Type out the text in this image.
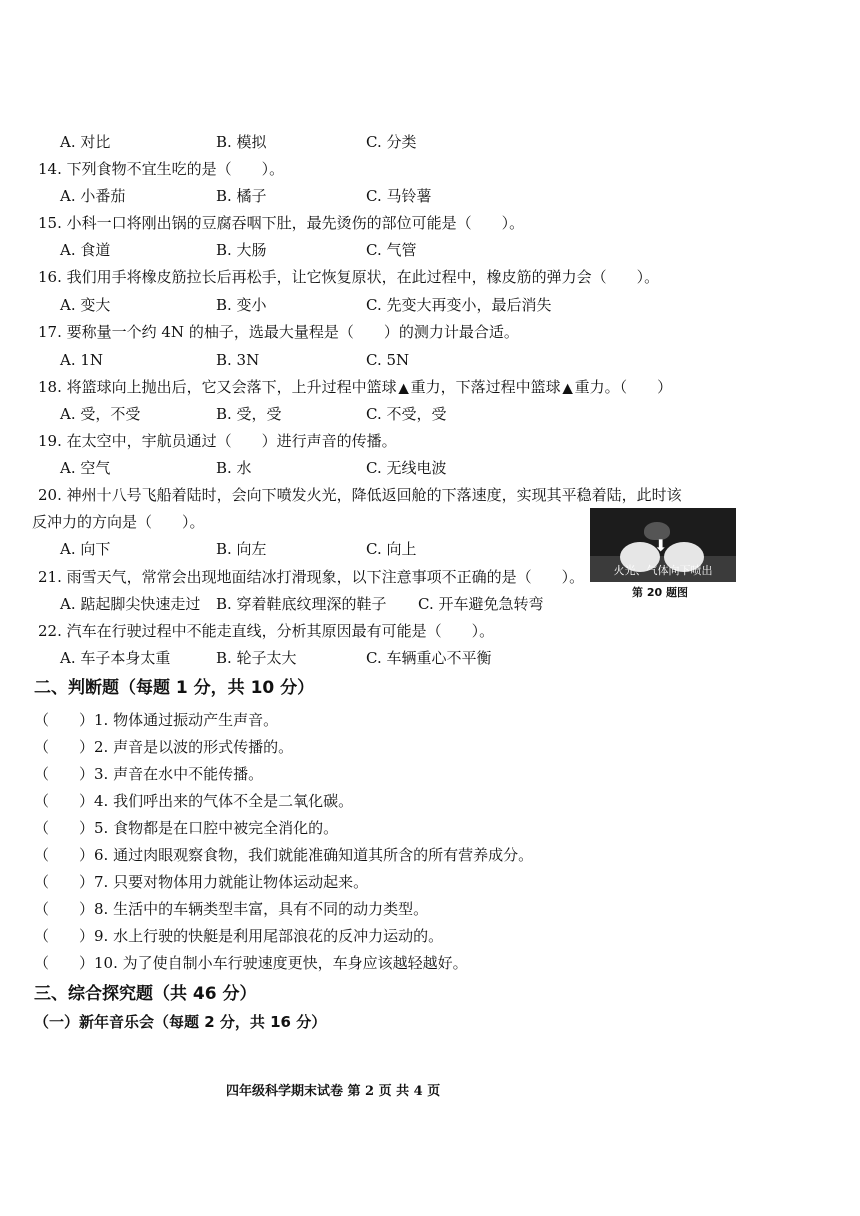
A. 对比	B. 模拟	C. 分类
14. 下列食物不宜生吃的是（　　）。
A. 小番茄	B. 橘子	C. 马铃薯
15. 小科一口将刚出锅的豆腐吞咽下肚，最先烫伤的部位可能是（　　）。
A. 食道	B. 大肠	C. 气管
16. 我们用手将橡皮筋拉长后再松手，让它恢复原状，在此过程中，橡皮筋的弹力会（　　）。
A. 变大	B. 变小	C. 先变大再变小，最后消失
17. 要称量一个约 4N 的柚子，选最大量程是（　　）的测力计最合适。
A. 1N	B. 3N	C. 5N
18. 将篮球向上抛出后，它又会落下，上升过程中篮球 ▲ 重力，下落过程中篮球 ▲ 重力。（　　）
A. 受，不受	B. 受，受	C. 不受，受
19. 在太空中，宇航员通过（　　）进行声音的传播。
A. 空气	B. 水	C. 无线电波
20. 神州十八号飞船着陆时，会向下喷发火光，降低返回舱的下落速度，实现其平稳着陆，此时该
反冲力的方向是（　　）。
A. 向下	B. 向左	C. 向上	⬇
火光、气体向下喷出
第 20 题图
21. 雨雪天气，常常会出现地面结冰打滑现象，以下注意事项不正确的是（　　）。
A. 踮起脚尖快速走过 B. 穿着鞋底纹理深的鞋子 C. 开车避免急转弯
22. 汽车在行驶过程中不能走直线，分析其原因最有可能是（　　）。
A. 车子本身太重	B. 轮子太大	C. 车辆重心不平衡
二、判断题（每题 1 分，共 10 分）
（　　）1. 物体通过振动产生声音。
（　　）2. 声音是以波的形式传播的。
（　　）3. 声音在水中不能传播。
（　　）4. 我们呼出来的气体不全是二氧化碳。
（　　）5. 食物都是在口腔中被完全消化的。
（　　）6. 通过肉眼观察食物，我们就能准确知道其所含的所有营养成分。
（　　）7. 只要对物体用力就能让物体运动起来。
（　　）8. 生活中的车辆类型丰富，具有不同的动力类型。
（　　）9. 水上行驶的快艇是利用尾部浪花的反冲力运动的。
（　　）10. 为了使自制小车行驶速度更快，车身应该越轻越好。
三、综合探究题（共 46 分）
（一）新年音乐会（每题 2 分，共 16 分）
四年级科学期末试卷 第 2 页 共 4 页
